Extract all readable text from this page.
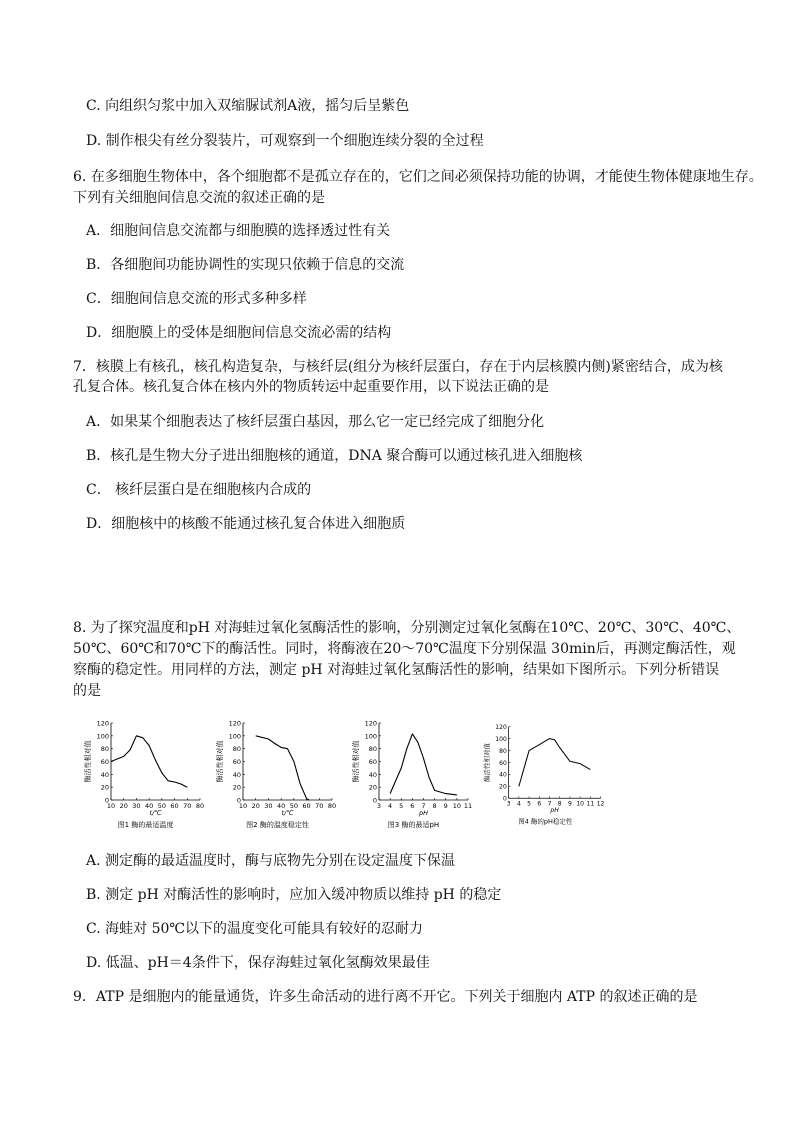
C. 向组织匀浆中加入双缩脲试剂A液，摇匀后呈紫色
D. 制作根尖有丝分裂装片，可观察到一个细胞连续分裂的全过程
6. 在多细胞生物体中，各个细胞都不是孤立存在的，它们之间必须保持功能的协调，才能使生物体健康地生存。
下列有关细胞间信息交流的叙述正确的是
A．细胞间信息交流都与细胞膜的选择透过性有关
B．各细胞间功能协调性的实现只依赖于信息的交流
C．细胞间信息交流的形式多种多样
D．细胞膜上的受体是细胞间信息交流必需的结构
7．核膜上有核孔，核孔构造复杂，与核纤层(组分为核纤层蛋白，存在于内层核膜内侧)紧密结合，成为核
孔复合体。核孔复合体在核内外的物质转运中起重要作用，以下说法正确的是
A．如果某个细胞表达了核纤层蛋白基因，那么它一定已经完成了细胞分化
B．核孔是生物大分子进出细胞核的通道，DNA 聚合酶可以通过核孔进入细胞核
C． 核纤层蛋白是在细胞核内合成的
D．细胞核中的核酸不能通过核孔复合体进入细胞质
8. 为了探究温度和pH 对海蛙过氧化氢酶活性的影响，分别测定过氧化氢酶在10℃、20℃、30℃、40℃、
50℃、60℃和70℃下的酶活性。同时，将酶液在20～70℃温度下分别保温 30min后，再测定酶活性，观
察酶的稳定性。用同样的方法，测定 pH 对海蛙过氧化氢酶活性的影响，结果如下图所示。下列分析错误
的是
A. 测定酶的最适温度时，酶与底物先分别在设定温度下保温
B. 测定 pH 对酶活性的影响时，应加入缓冲物质以维持 pH 的稳定
C. 海蛙对 50℃以下的温度变化可能具有较好的忍耐力
D. 低温、pH＝4条件下，保存海蛙过氧化氢酶效果最佳
9．ATP 是细胞内的能量通货，许多生命活动的进行离不开它。下列关于细胞内 ATP 的叙述正确的是
0
20
40
60
80
100
120
10 20 30 40 50 60 70 80
t/℃
酶活性相对值
图1 酶的最适温度
0
20
40
60
80
100
120
10 20 30 40 50 60 70 80
t/℃
酶活性相对值
图2 酶的温度稳定性
0
20
40
60
80
100
120
3 4 5 6 7 8 9 10 11
pH
酶活性相对值
图3 酶的最适pH
0
20
40
60
80
100
120
3 4 5 6 7 8 9 10 11 12
pH
酶活性相对值
图4 酶的pH稳定性
